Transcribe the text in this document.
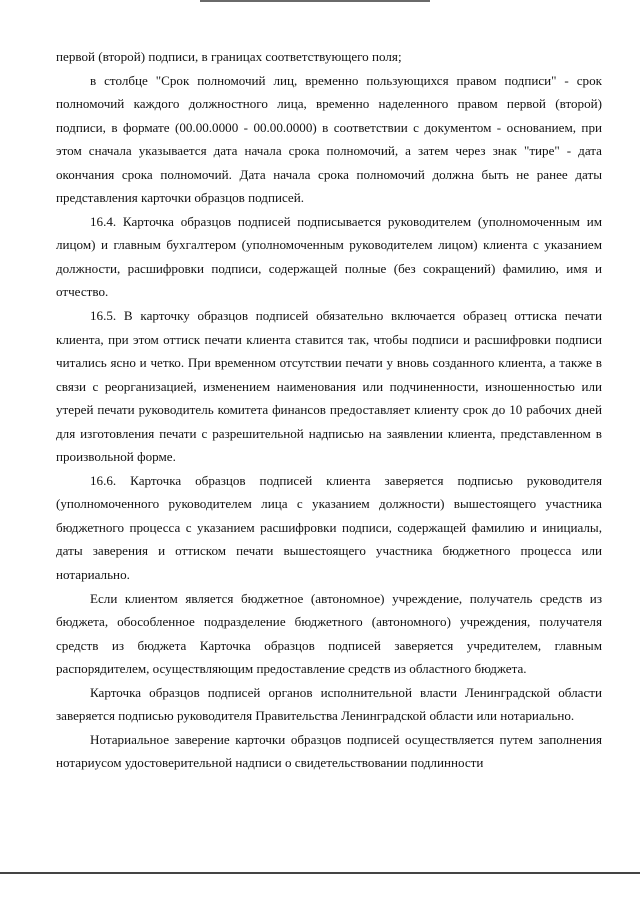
первой (второй) подписи, в границах соответствующего поля;

в столбце "Срок полномочий лиц, временно пользующихся правом подписи" - срок полномочий каждого должностного лица, временно наделенного правом первой (второй) подписи, в формате (00.00.0000 - 00.00.0000) в соответствии с документом - основанием, при этом сначала указывается дата начала срока полномочий, а затем через знак "тире" - дата окончания срока полномочий. Дата начала срока полномочий должна быть не ранее даты представления карточки образцов подписей.

16.4. Карточка образцов подписей подписывается руководителем (уполномоченным им лицом) и главным бухгалтером (уполномоченным руководителем лицом) клиента с указанием должности, расшифровки подписи, содержащей полные (без сокращений) фамилию, имя и отчество.

16.5. В карточку образцов подписей обязательно включается образец оттиска печати клиента, при этом оттиск печати клиента ставится так, чтобы подписи и расшифровки подписи читались ясно и четко. При временном отсутствии печати у вновь созданного клиента, а также в связи с реорганизацией, изменением наименования или подчиненности, изношенностью или утерей печати руководитель комитета финансов предоставляет клиенту срок до 10 рабочих дней для изготовления печати с разрешительной надписью на заявлении клиента, представленном в произвольной форме.

16.6. Карточка образцов подписей клиента заверяется подписью руководителя (уполномоченного руководителем лица с указанием должности) вышестоящего участника бюджетного процесса с указанием расшифровки подписи, содержащей фамилию и инициалы, даты заверения и оттиском печати вышестоящего участника бюджетного процесса или нотариально.

Если клиентом является бюджетное (автономное) учреждение, получатель средств из бюджета, обособленное подразделение бюджетного (автономного) учреждения, получателя средств из бюджета Карточка образцов подписей заверяется учредителем, главным распорядителем, осуществляющим предоставление средств из областного бюджета.

Карточка образцов подписей органов исполнительной власти Ленинградской области заверяется подписью руководителя Правительства Ленинградской области или нотариально.

Нотариальное заверение карточки образцов подписей осуществляется путем заполнения нотариусом удостоверительной надписи о свидетельствовании подлинности
